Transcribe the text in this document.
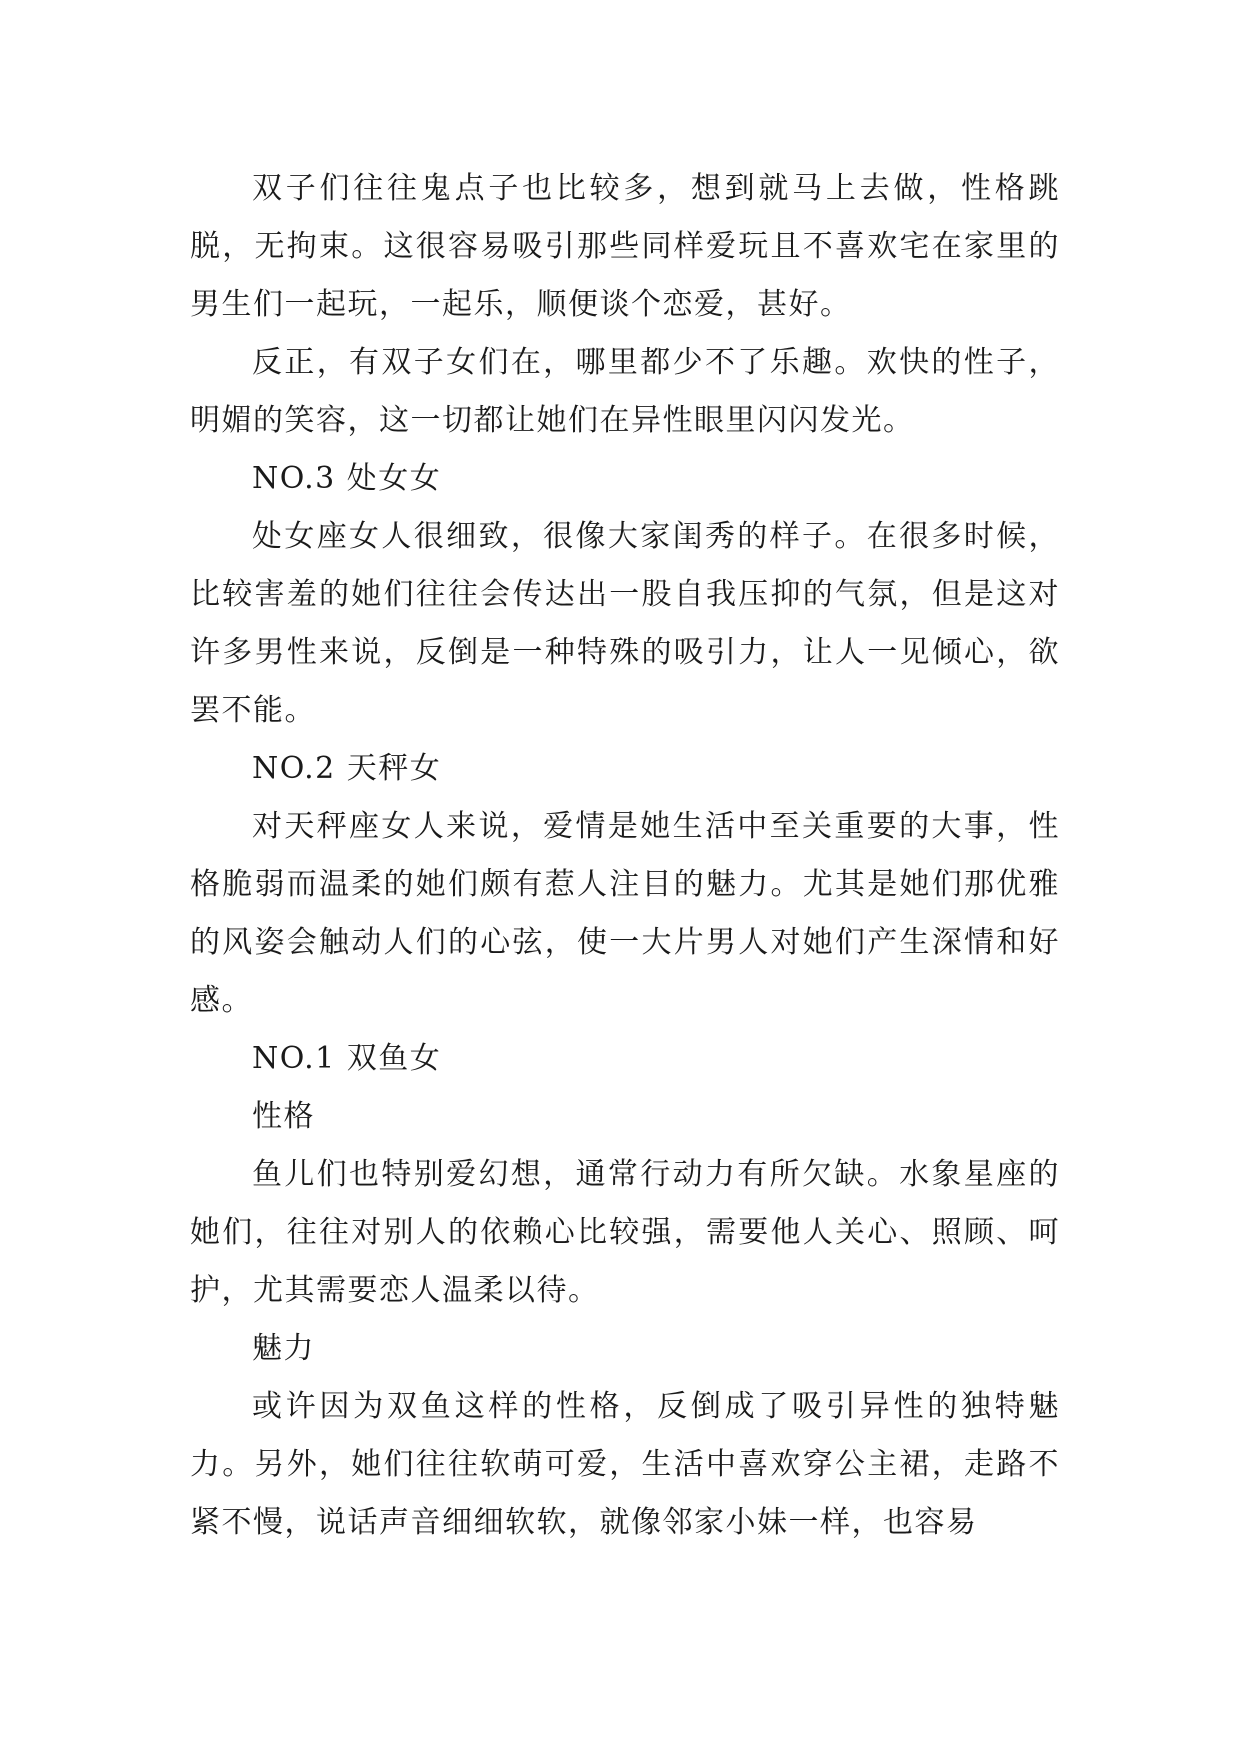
双子们往往鬼点子也比较多，想到就马上去做，性格跳脱，无拘束。这很容易吸引那些同样爱玩且不喜欢宅在家里的男生们一起玩，一起乐，顺便谈个恋爱，甚好。

反正，有双子女们在，哪里都少不了乐趣。欢快的性子，明媚的笑容，这一切都让她们在异性眼里闪闪发光。

NO.3 处女女

处女座女人很细致，很像大家闺秀的样子。在很多时候，比较害羞的她们往往会传达出一股自我压抑的气氛，但是这对许多男性来说，反倒是一种特殊的吸引力，让人一见倾心，欲罢不能。

NO.2 天秤女

对天秤座女人来说，爱情是她生活中至关重要的大事，性格脆弱而温柔的她们颇有惹人注目的魅力。尤其是她们那优雅的风姿会触动人们的心弦，使一大片男人对她们产生深情和好感。

NO.1 双鱼女

性格

鱼儿们也特别爱幻想，通常行动力有所欠缺。水象星座的她们，往往对别人的依赖心比较强，需要他人关心、照顾、呵护，尤其需要恋人温柔以待。

魅力

或许因为双鱼这样的性格，反倒成了吸引异性的独特魅力。另外，她们往往软萌可爱，生活中喜欢穿公主裙，走路不紧不慢，说话声音细细软软，就像邻家小妹一样，也容易
